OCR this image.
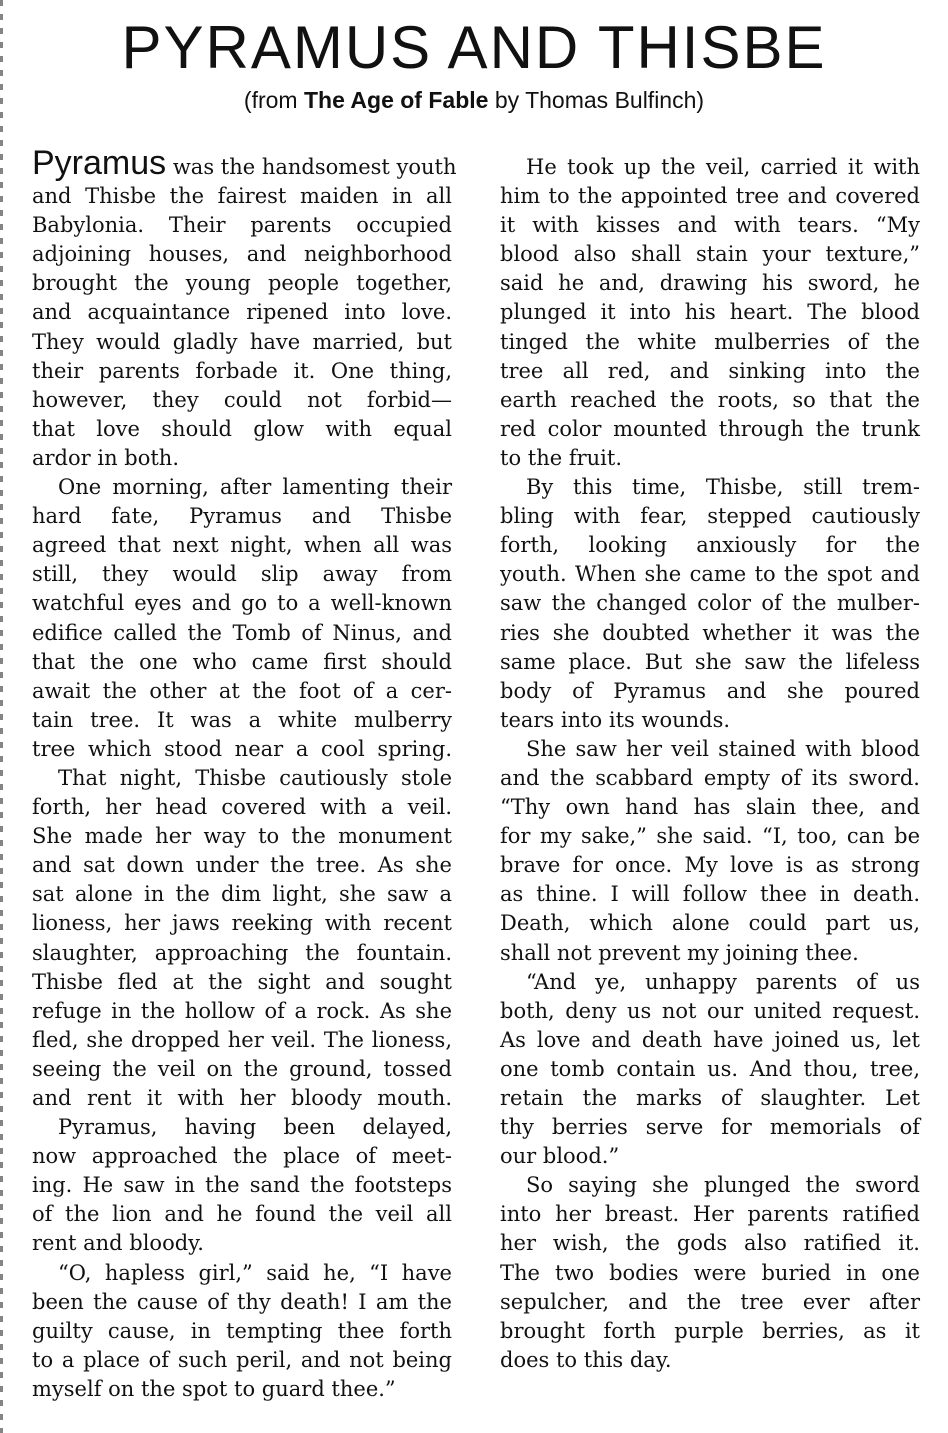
PYRAMUS AND THISBE
(from The Age of Fable by Thomas Bulfinch)
Pyramus was the handsomest youth
and Thisbe the fairest maiden in all
Babylonia. Their parents occupied
adjoining houses, and neighborhood
brought the young people together,
and acquaintance ripened into love.
They would gladly have married, but
their parents forbade it. One thing,
however, they could not forbid—
that love should glow with equal
ardor in both.
One morning, after lamenting their
hard fate, Pyramus and Thisbe
agreed that next night, when all was
still, they would slip away from
watchful eyes and go to a well-known
edifice called the Tomb of Ninus, and
that the one who came first should
await the other at the foot of a cer-
tain tree. It was a white mulberry
tree which stood near a cool spring.
That night, Thisbe cautiously stole
forth, her head covered with a veil.
She made her way to the monument
and sat down under the tree. As she
sat alone in the dim light, she saw a
lioness, her jaws reeking with recent
slaughter, approaching the fountain.
Thisbe fled at the sight and sought
refuge in the hollow of a rock. As she
fled, she dropped her veil. The lioness,
seeing the veil on the ground, tossed
and rent it with her bloody mouth.
Pyramus, having been delayed,
now approached the place of meet-
ing. He saw in the sand the footsteps
of the lion and he found the veil all
rent and bloody.
“O, hapless girl,” said he, “I have
been the cause of thy death! I am the
guilty cause, in tempting thee forth
to a place of such peril, and not being
myself on the spot to guard thee.”
He took up the veil, carried it with
him to the appointed tree and covered
it with kisses and with tears. “My
blood also shall stain your texture,”
said he and, drawing his sword, he
plunged it into his heart. The blood
tinged the white mulberries of the
tree all red, and sinking into the
earth reached the roots, so that the
red color mounted through the trunk
to the fruit.
By this time, Thisbe, still trem-
bling with fear, stepped cautiously
forth, looking anxiously for the
youth. When she came to the spot and
saw the changed color of the mulber-
ries she doubted whether it was the
same place. But she saw the lifeless
body of Pyramus and she poured
tears into its wounds.
She saw her veil stained with blood
and the scabbard empty of its sword.
“Thy own hand has slain thee, and
for my sake,” she said. “I, too, can be
brave for once. My love is as strong
as thine. I will follow thee in death.
Death, which alone could part us,
shall not prevent my joining thee.
“And ye, unhappy parents of us
both, deny us not our united request.
As love and death have joined us, let
one tomb contain us. And thou, tree,
retain the marks of slaughter. Let
thy berries serve for memorials of
our blood.”
So saying she plunged the sword
into her breast. Her parents ratified
her wish, the gods also ratified it.
The two bodies were buried in one
sepulcher, and the tree ever after
brought forth purple berries, as it
does to this day.
